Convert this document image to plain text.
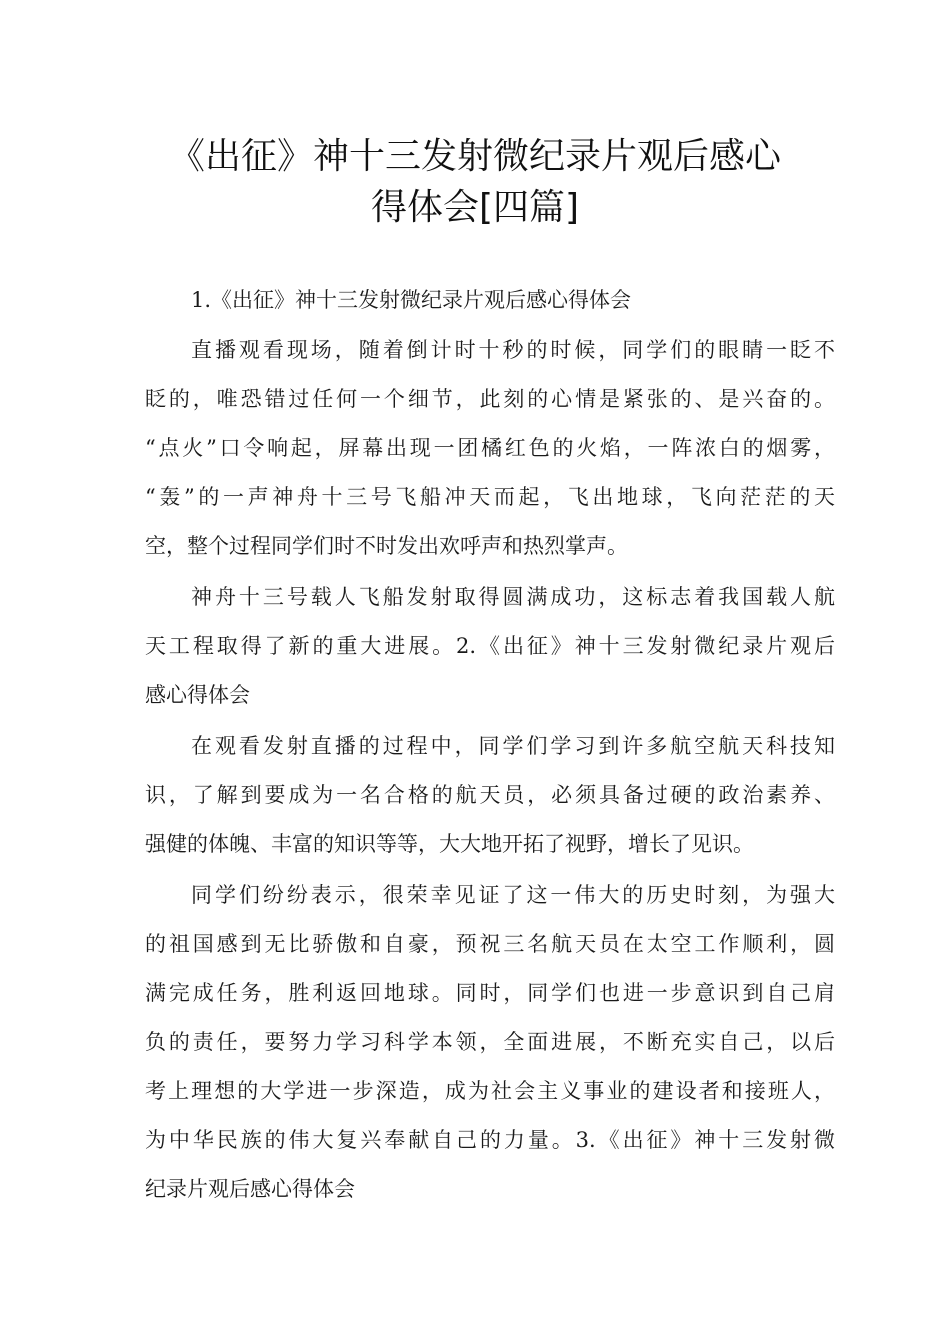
《出征》神十三发射微纪录片观后感心
得体会[四篇]
1.《出征》神十三发射微纪录片观后感心得体会
直播观看现场，随着倒计时十秒的时候，同学们的眼睛一眨不
眨的，唯恐错过任何一个细节，此刻的心情是紧张的、是兴奋的。
“点火”口令响起，屏幕出现一团橘红色的火焰，一阵浓白的烟雾，
“轰”的一声神舟十三号飞船冲天而起，飞出地球，飞向茫茫的天
空，整个过程同学们时不时发出欢呼声和热烈掌声。
神舟十三号载人飞船发射取得圆满成功，这标志着我国载人航
天工程取得了新的重大进展。2.《出征》神十三发射微纪录片观后
感心得体会
在观看发射直播的过程中，同学们学习到许多航空航天科技知
识，了解到要成为一名合格的航天员，必须具备过硬的政治素养、
强健的体魄、丰富的知识等等，大大地开拓了视野，增长了见识。
同学们纷纷表示，很荣幸见证了这一伟大的历史时刻，为强大
的祖国感到无比骄傲和自豪，预祝三名航天员在太空工作顺利，圆
满完成任务，胜利返回地球。同时，同学们也进一步意识到自己肩
负的责任，要努力学习科学本领，全面进展，不断充实自己，以后
考上理想的大学进一步深造，成为社会主义事业的建设者和接班人，
为中华民族的伟大复兴奉献自己的力量。3.《出征》神十三发射微
纪录片观后感心得体会
